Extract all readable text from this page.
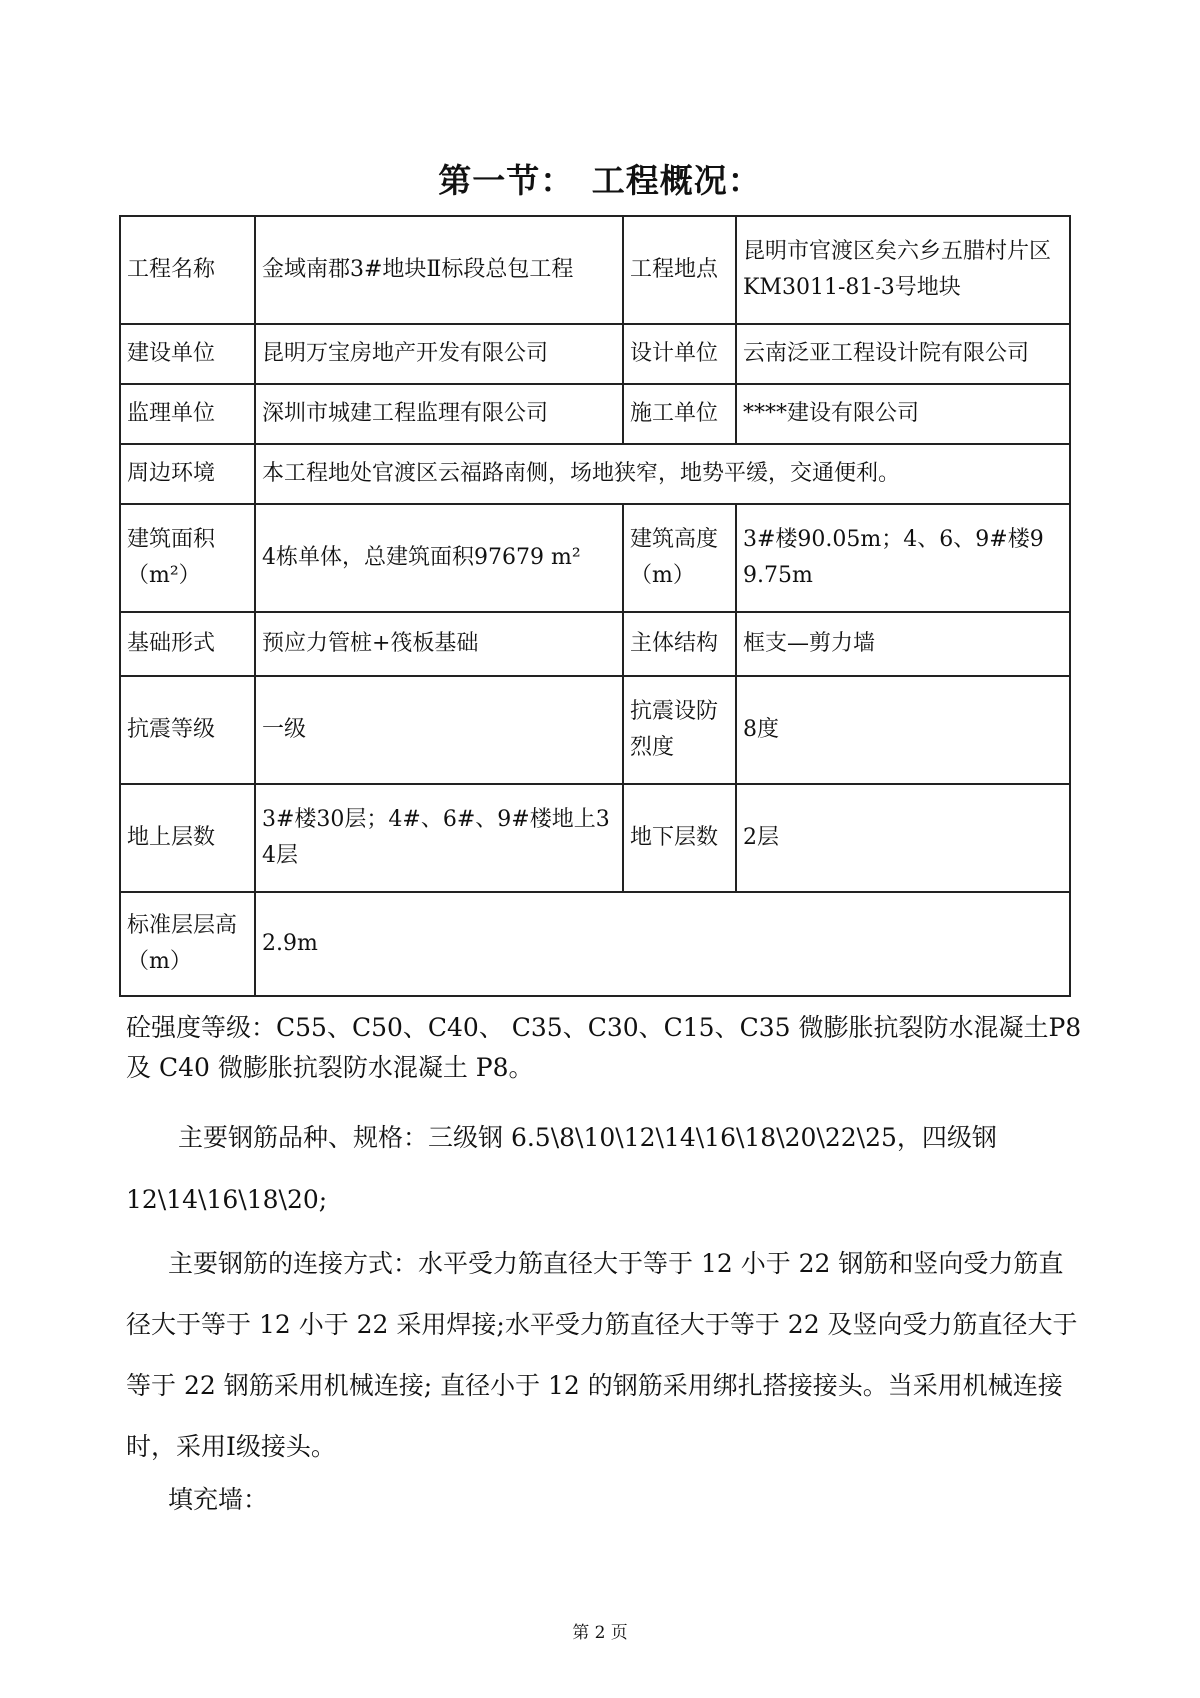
第一节：　工程概况：
工程名称	金域南郡3#地块Ⅱ标段总包工程	工程地点	昆明市官渡区矣六乡五腊村片区KM3011-81-3号地块
建设单位	昆明万宝房地产开发有限公司	设计单位	云南泛亚工程设计院有限公司
监理单位	深圳市城建工程监理有限公司	施工单位	****建设有限公司
周边环境	本工程地处官渡区云福路南侧，场地狭窄，地势平缓，交通便利。		
建筑面积（m²）	4栋单体，总建筑面积97679 m²	建筑高度（m）	3#楼90.05m；4、6、9#楼99.75m
基础形式	预应力管桩+筏板基础	主体结构	框支—剪力墙
抗震等级	一级	抗震设防烈度	8度
地上层数	3#楼30层；4#、6#、9#楼地上34层	地下层数	2层
标准层层高（m）	2.9m		

砼强度等级：C55、C50、C40、 C35、C30、C15、C35 微膨胀抗裂防水混凝土P8 及 C40 微膨胀抗裂防水混凝土 P8。

主要钢筋品种、规格：三级钢 6.5\8\10\12\14\16\18\20\22\25，四级钢12\14\16\18\20;

主要钢筋的连接方式：水平受力筋直径大于等于 12 小于 22 钢筋和竖向受力筋直径大于等于 12 小于 22 采用焊接;水平受力筋直径大于等于 22 及竖向受力筋直径大于等于 22 钢筋采用机械连接; 直径小于 12 的钢筋采用绑扎搭接接头。当采用机械连接时，采用Ⅰ级接头。

填充墙：

第 2 页
